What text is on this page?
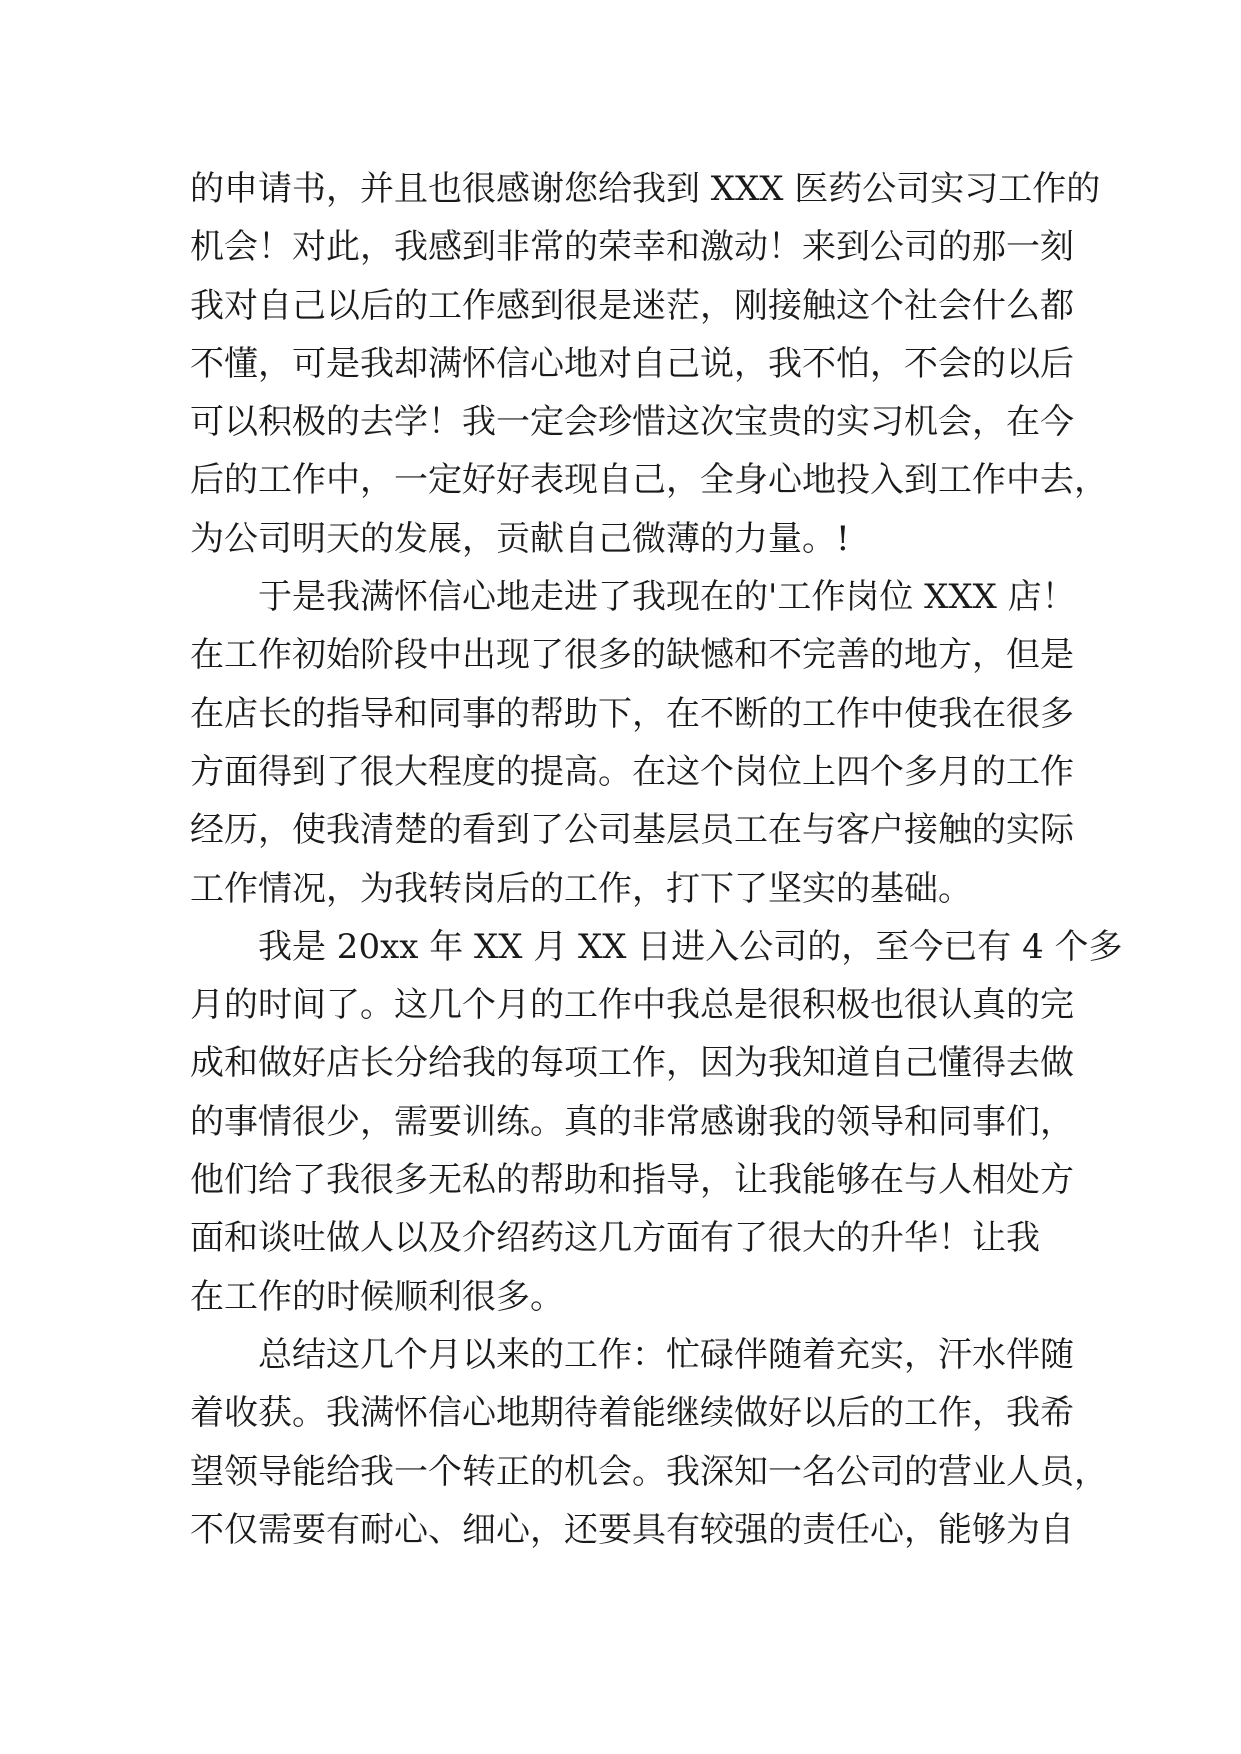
的申请书，并且也很感谢您给我到 XXX 医药公司实习工作的
机会！对此，我感到非常的荣幸和激动！来到公司的那一刻
我对自己以后的工作感到很是迷茫，刚接触这个社会什么都
不懂，可是我却满怀信心地对自己说，我不怕，不会的以后
可以积极的去学！我一定会珍惜这次宝贵的实习机会，在今
后的工作中，一定好好表现自己，全身心地投入到工作中去，
为公司明天的发展，贡献自己微薄的力量。!
于是我满怀信心地走进了我现在的'工作岗位 XXX 店！
在工作初始阶段中出现了很多的缺憾和不完善的地方，但是
在店长的指导和同事的帮助下，在不断的工作中使我在很多
方面得到了很大程度的提高。在这个岗位上四个多月的工作
经历，使我清楚的看到了公司基层员工在与客户接触的实际
工作情况，为我转岗后的工作，打下了坚实的基础。
我是 20xx 年 XX 月 XX 日进入公司的，至今已有 4 个多
月的时间了。这几个月的工作中我总是很积极也很认真的完
成和做好店长分给我的每项工作，因为我知道自己懂得去做
的事情很少，需要训练。真的非常感谢我的领导和同事们，
他们给了我很多无私的帮助和指导，让我能够在与人相处方
面和谈吐做人以及介绍药这几方面有了很大的升华！让我
在工作的时候顺利很多。
总结这几个月以来的工作：忙碌伴随着充实，汗水伴随
着收获。我满怀信心地期待着能继续做好以后的工作，我希
望领导能给我一个转正的机会。我深知一名公司的营业人员，
不仅需要有耐心、细心，还要具有较强的责任心，能够为自
